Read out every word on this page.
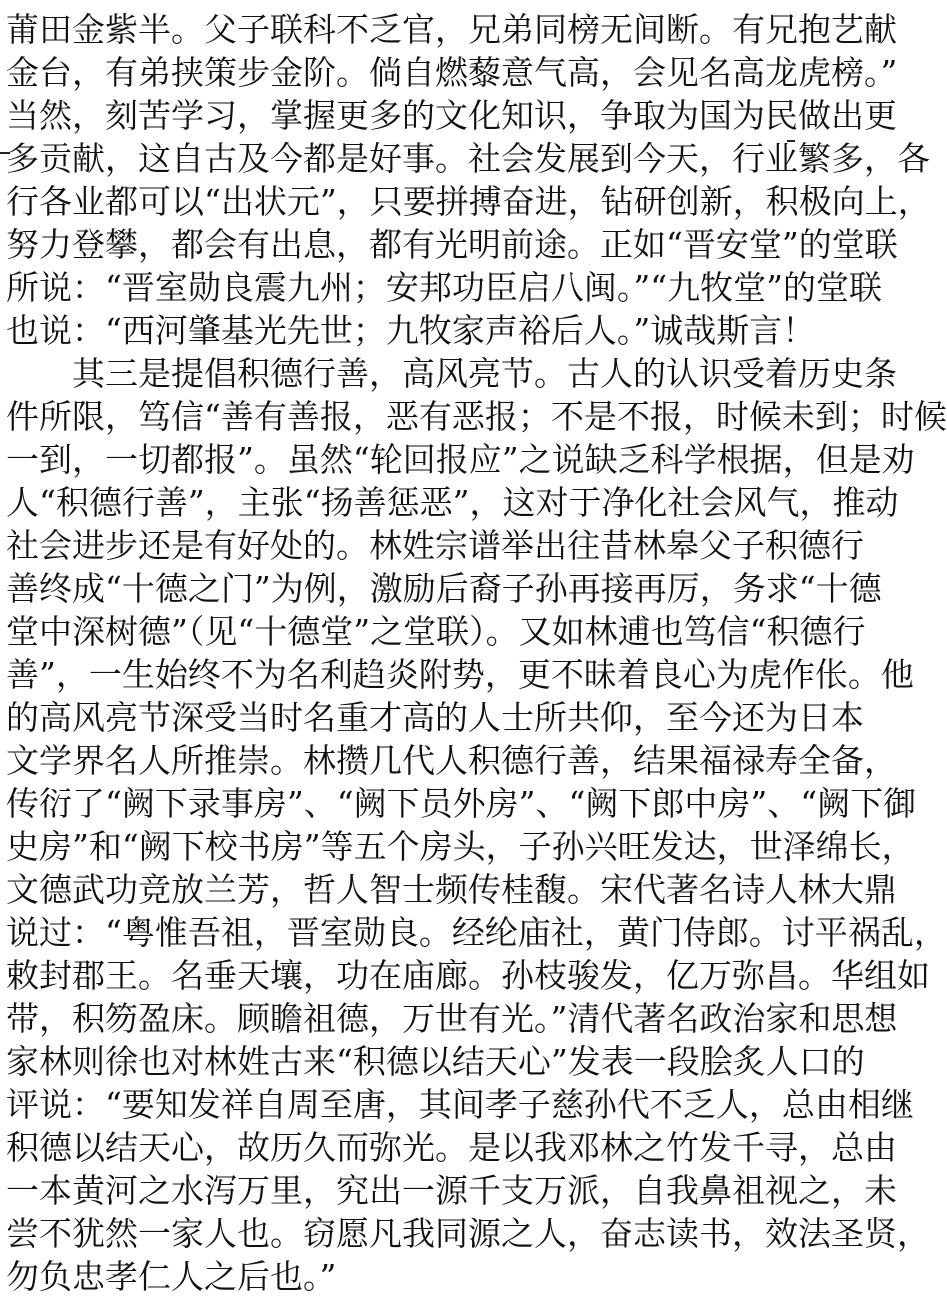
莆田金紫半。父子联科不乏官，兄弟同榜无间断。有兄抱艺献
金台，有弟挟策步金阶。倘自燃藜意气高，会见名高龙虎榜。”
当然，刻苦学习，掌握更多的文化知识，争取为国为民做出更
多贡献，这自古及今都是好事。社会发展到今天，行业繁多，各
行各业都可以“出状元”，只要拼搏奋进，钻研创新，积极向上，
努力登攀，都会有出息，都有光明前途。正如“晋安堂”的堂联
所说：“晋室勋良震九州；安邦功臣启八闽。”“九牧堂”的堂联
也说：“西河肇基光先世；九牧家声裕后人。”诚哉斯言！
其三是提倡积德行善，高风亮节。古人的认识受着历史条
件所限，笃信“善有善报，恶有恶报；不是不报，时候未到；时候
一到，一切都报”。虽然“轮回报应”之说缺乏科学根据，但是劝
人“积德行善”，主张“扬善惩恶”，这对于净化社会风气，推动
社会进步还是有好处的。林姓宗谱举出往昔林皋父子积德行
善终成“十德之门”为例，激励后裔子孙再接再厉，务求“十德
堂中深树德”（见“十德堂”之堂联）。又如林逋也笃信“积德行
善”，一生始终不为名利趋炎附势，更不昧着良心为虎作伥。他
的高风亮节深受当时名重才高的人士所共仰，至今还为日本
文学界名人所推崇。林攒几代人积德行善，结果福禄寿全备，
传衍了“阙下录事房”、“阙下员外房”、“阙下郎中房”、“阙下御
史房”和“阙下校书房”等五个房头，子孙兴旺发达，世泽绵长，
文德武功竞放兰芳，哲人智士频传桂馥。宋代著名诗人林大鼎
说过：“粤惟吾祖，晋室勋良。经纶庙社，黄门侍郎。讨平祸乱，
敕封郡王。名垂天壤，功在庙廊。孙枝骏发，亿万弥昌。华组如
带，积笏盈床。顾瞻祖德，万世有光。”清代著名政治家和思想
家林则徐也对林姓古来“积德以结天心”发表一段脍炙人口的
评说：“要知发祥自周至唐，其间孝子慈孙代不乏人，总由相继
积德以结天心，故历久而弥光。是以我邓林之竹发千寻，总由
一本黄河之水泻万里，究出一源千支万派，自我鼻祖视之，未
尝不犹然一家人也。窃愿凡我同源之人，奋志读书，效法圣贤，
勿负忠孝仁人之后也。”
